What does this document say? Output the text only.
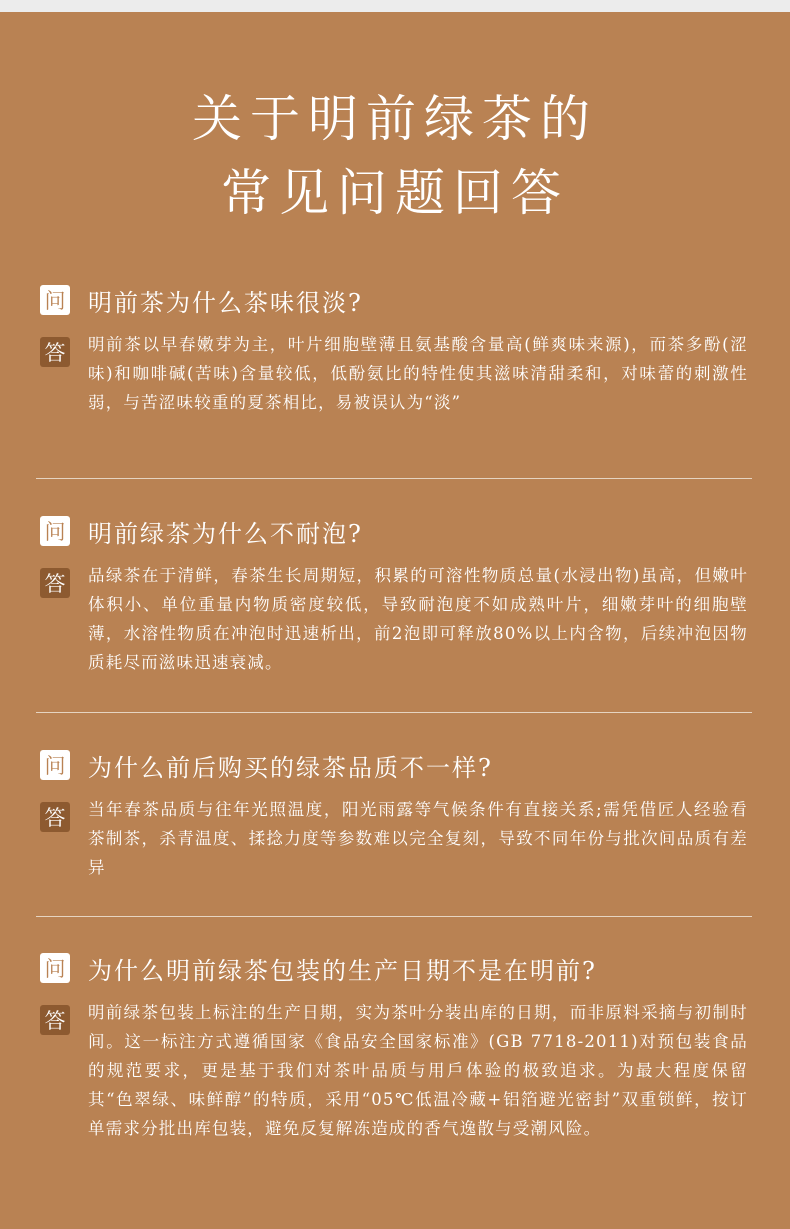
关于明前绿茶的
常见问题回答
问 明前茶为什么茶味很淡?
答 明前茶以早春嫩芽为主，叶片细胞壁薄且氨基酸含量高(鲜爽味来源)，而茶多酚(涩味)和咖啡碱(苦味)含量较低，低酚氨比的特性使其滋味清甜柔和，对味蕾的刺激性弱，与苦涩味较重的夏茶相比，易被误认为“淡”
问 明前绿茶为什么不耐泡?
答 品绿茶在于清鲜，春茶生长周期短，积累的可溶性物质总量(水浸出物)虽高，但嫩叶体积小、单位重量内物质密度较低，导致耐泡度不如成熟叶片，细嫩芽叶的细胞壁薄，水溶性物质在冲泡时迅速析出，前2泡即可释放80%以上内含物，后续冲泡因物质耗尽而滋味迅速衰减。
问 为什么前后购买的绿茶品质不一样?
答 当年春茶品质与往年光照温度，阳光雨露等气候条件有直接关系;需凭借匠人经验看茶制茶，杀青温度、揉捻力度等参数难以完全复刻，导致不同年份与批次间品质有差异
问 为什么明前绿茶包装的生产日期不是在明前?
答 明前绿茶包装上标注的生产日期，实为茶叶分装出库的日期，而非原料采摘与初制时间。这一标注方式遵循国家《食品安全国家标准》(GB 7718-2011)对预包装食品的规范要求，更是基于我们对茶叶品质与用戶体验的极致追求。为最大程度保留其“色翠绿、味鲜醇”的特质，采用“05℃低温冷藏+铝箔避光密封”双重锁鲜，按订单需求分批出库包装，避免反复解冻造成的香气逸散与受潮风险。
